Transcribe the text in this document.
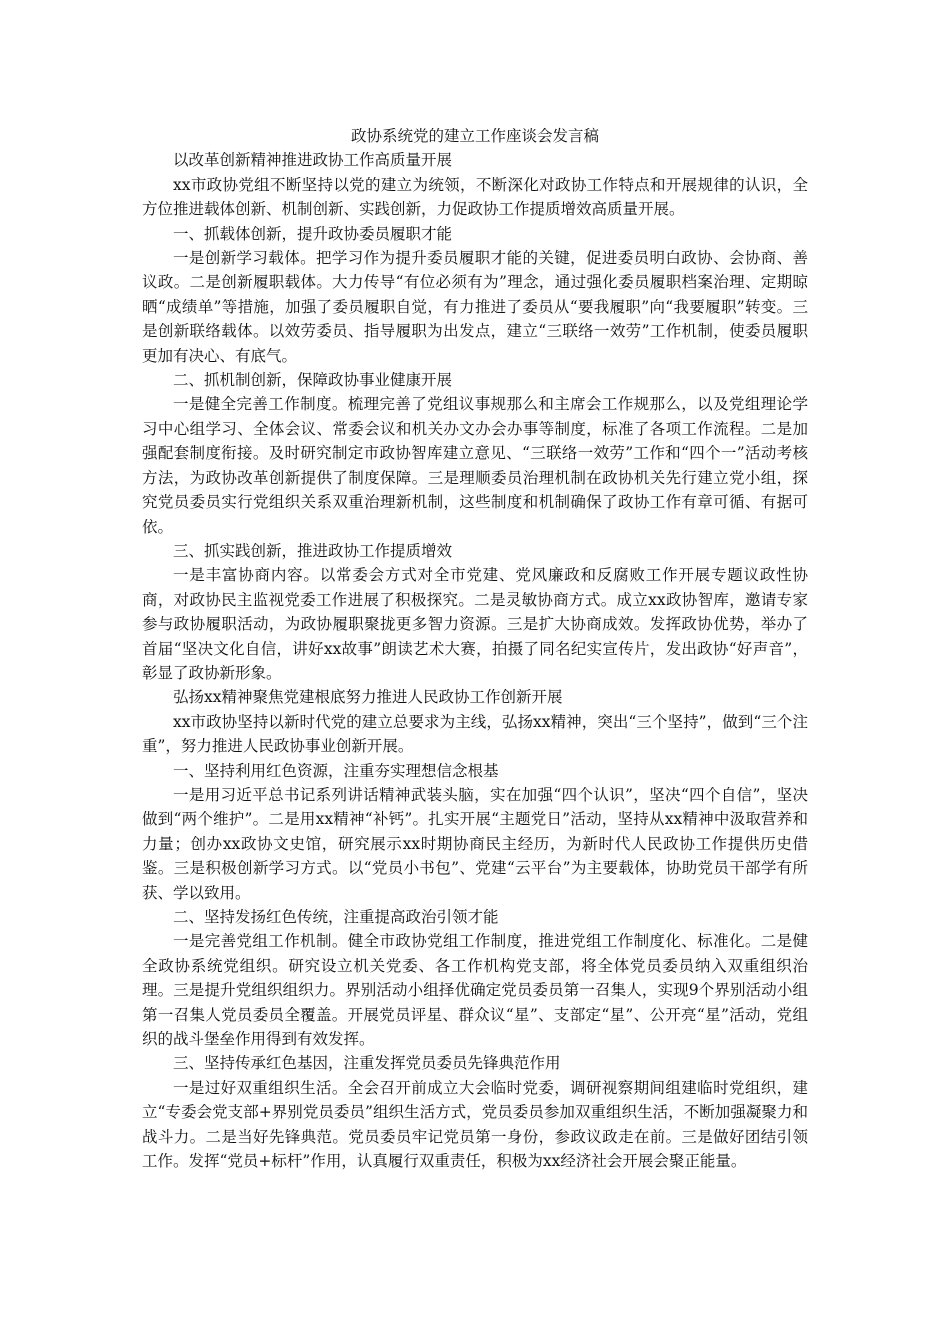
政协系统党的建立工作座谈会发言稿

以改革创新精神推进政协工作高质量开展

xx市政协党组不断坚持以党的建立为统领，不断深化对政协工作特点和开展规律的认识，全方位推进载体创新、机制创新、实践创新，力促政协工作提质增效高质量开展。

一、抓载体创新，提升政协委员履职才能

一是创新学习载体。把学习作为提升委员履职才能的关键，促进委员明白政协、会协商、善议政。二是创新履职载体。大力传导“有位必须有为”理念，通过强化委员履职档案治理、定期晾晒“成绩单”等措施，加强了委员履职自觉，有力推进了委员从“要我履职”向“我要履职”转变。三是创新联络载体。以效劳委员、指导履职为出发点，建立“三联络一效劳”工作机制，使委员履职更加有决心、有底气。

二、抓机制创新，保障政协事业健康开展

一是健全完善工作制度。梳理完善了党组议事规那么和主席会工作规那么，以及党组理论学习中心组学习、全体会议、常委会议和机关办文办会办事等制度，标准了各项工作流程。二是加强配套制度衔接。及时研究制定市政协智库建立意见、“三联络一效劳”工作和“四个一”活动考核方法，为政协改革创新提供了制度保障。三是理顺委员治理机制在政协机关先行建立党小组，探究党员委员实行党组织关系双重治理新机制，这些制度和机制确保了政协工作有章可循、有据可依。

三、抓实践创新，推进政协工作提质增效

一是丰富协商内容。以常委会方式对全市党建、党风廉政和反腐败工作开展专题议政性协商，对政协民主监视党委工作进展了积极探究。二是灵敏协商方式。成立xx政协智库，邀请专家参与政协履职活动，为政协履职聚拢更多智力资源。三是扩大协商成效。发挥政协优势，举办了首届“坚决文化自信，讲好xx故事”朗读艺术大赛，拍摄了同名纪实宣传片，发出政协“好声音”，彰显了政协新形象。

弘扬xx精神聚焦党建根底努力推进人民政协工作创新开展

xx市政协坚持以新时代党的建立总要求为主线，弘扬xx精神，突出“三个坚持”，做到“三个注重”，努力推进人民政协事业创新开展。

一、坚持利用红色资源，注重夯实理想信念根基

一是用习近平总书记系列讲话精神武装头脑，实在加强“四个认识”，坚决“四个自信”，坚决做到“两个维护”。二是用xx精神“补钙”。扎实开展“主题党日”活动，坚持从xx精神中汲取营养和力量；创办xx政协文史馆，研究展示xx时期协商民主经历，为新时代人民政协工作提供历史借鉴。三是积极创新学习方式。以“党员小书包”、党建“云平台”为主要载体，协助党员干部学有所获、学以致用。

二、坚持发扬红色传统，注重提高政治引领才能

一是完善党组工作机制。健全市政协党组工作制度，推进党组工作制度化、标准化。二是健全政协系统党组织。研究设立机关党委、各工作机构党支部，将全体党员委员纳入双重组织治理。三是提升党组织组织力。界别活动小组择优确定党员委员第一召集人，实现9个界别活动小组第一召集人党员委员全覆盖。开展党员评星、群众议“星”、支部定“星”、公开亮“星”活动，党组织的战斗堡垒作用得到有效发挥。

三、坚持传承红色基因，注重发挥党员委员先锋典范作用

一是过好双重组织生活。全会召开前成立大会临时党委，调研视察期间组建临时党组织，建立“专委会党支部+界别党员委员”组织生活方式，党员委员参加双重组织生活，不断加强凝聚力和战斗力。二是当好先锋典范。党员委员牢记党员第一身份，参政议政走在前。三是做好团结引领工作。发挥“党员+标杆”作用，认真履行双重责任，积极为xx经济社会开展会聚正能量。
